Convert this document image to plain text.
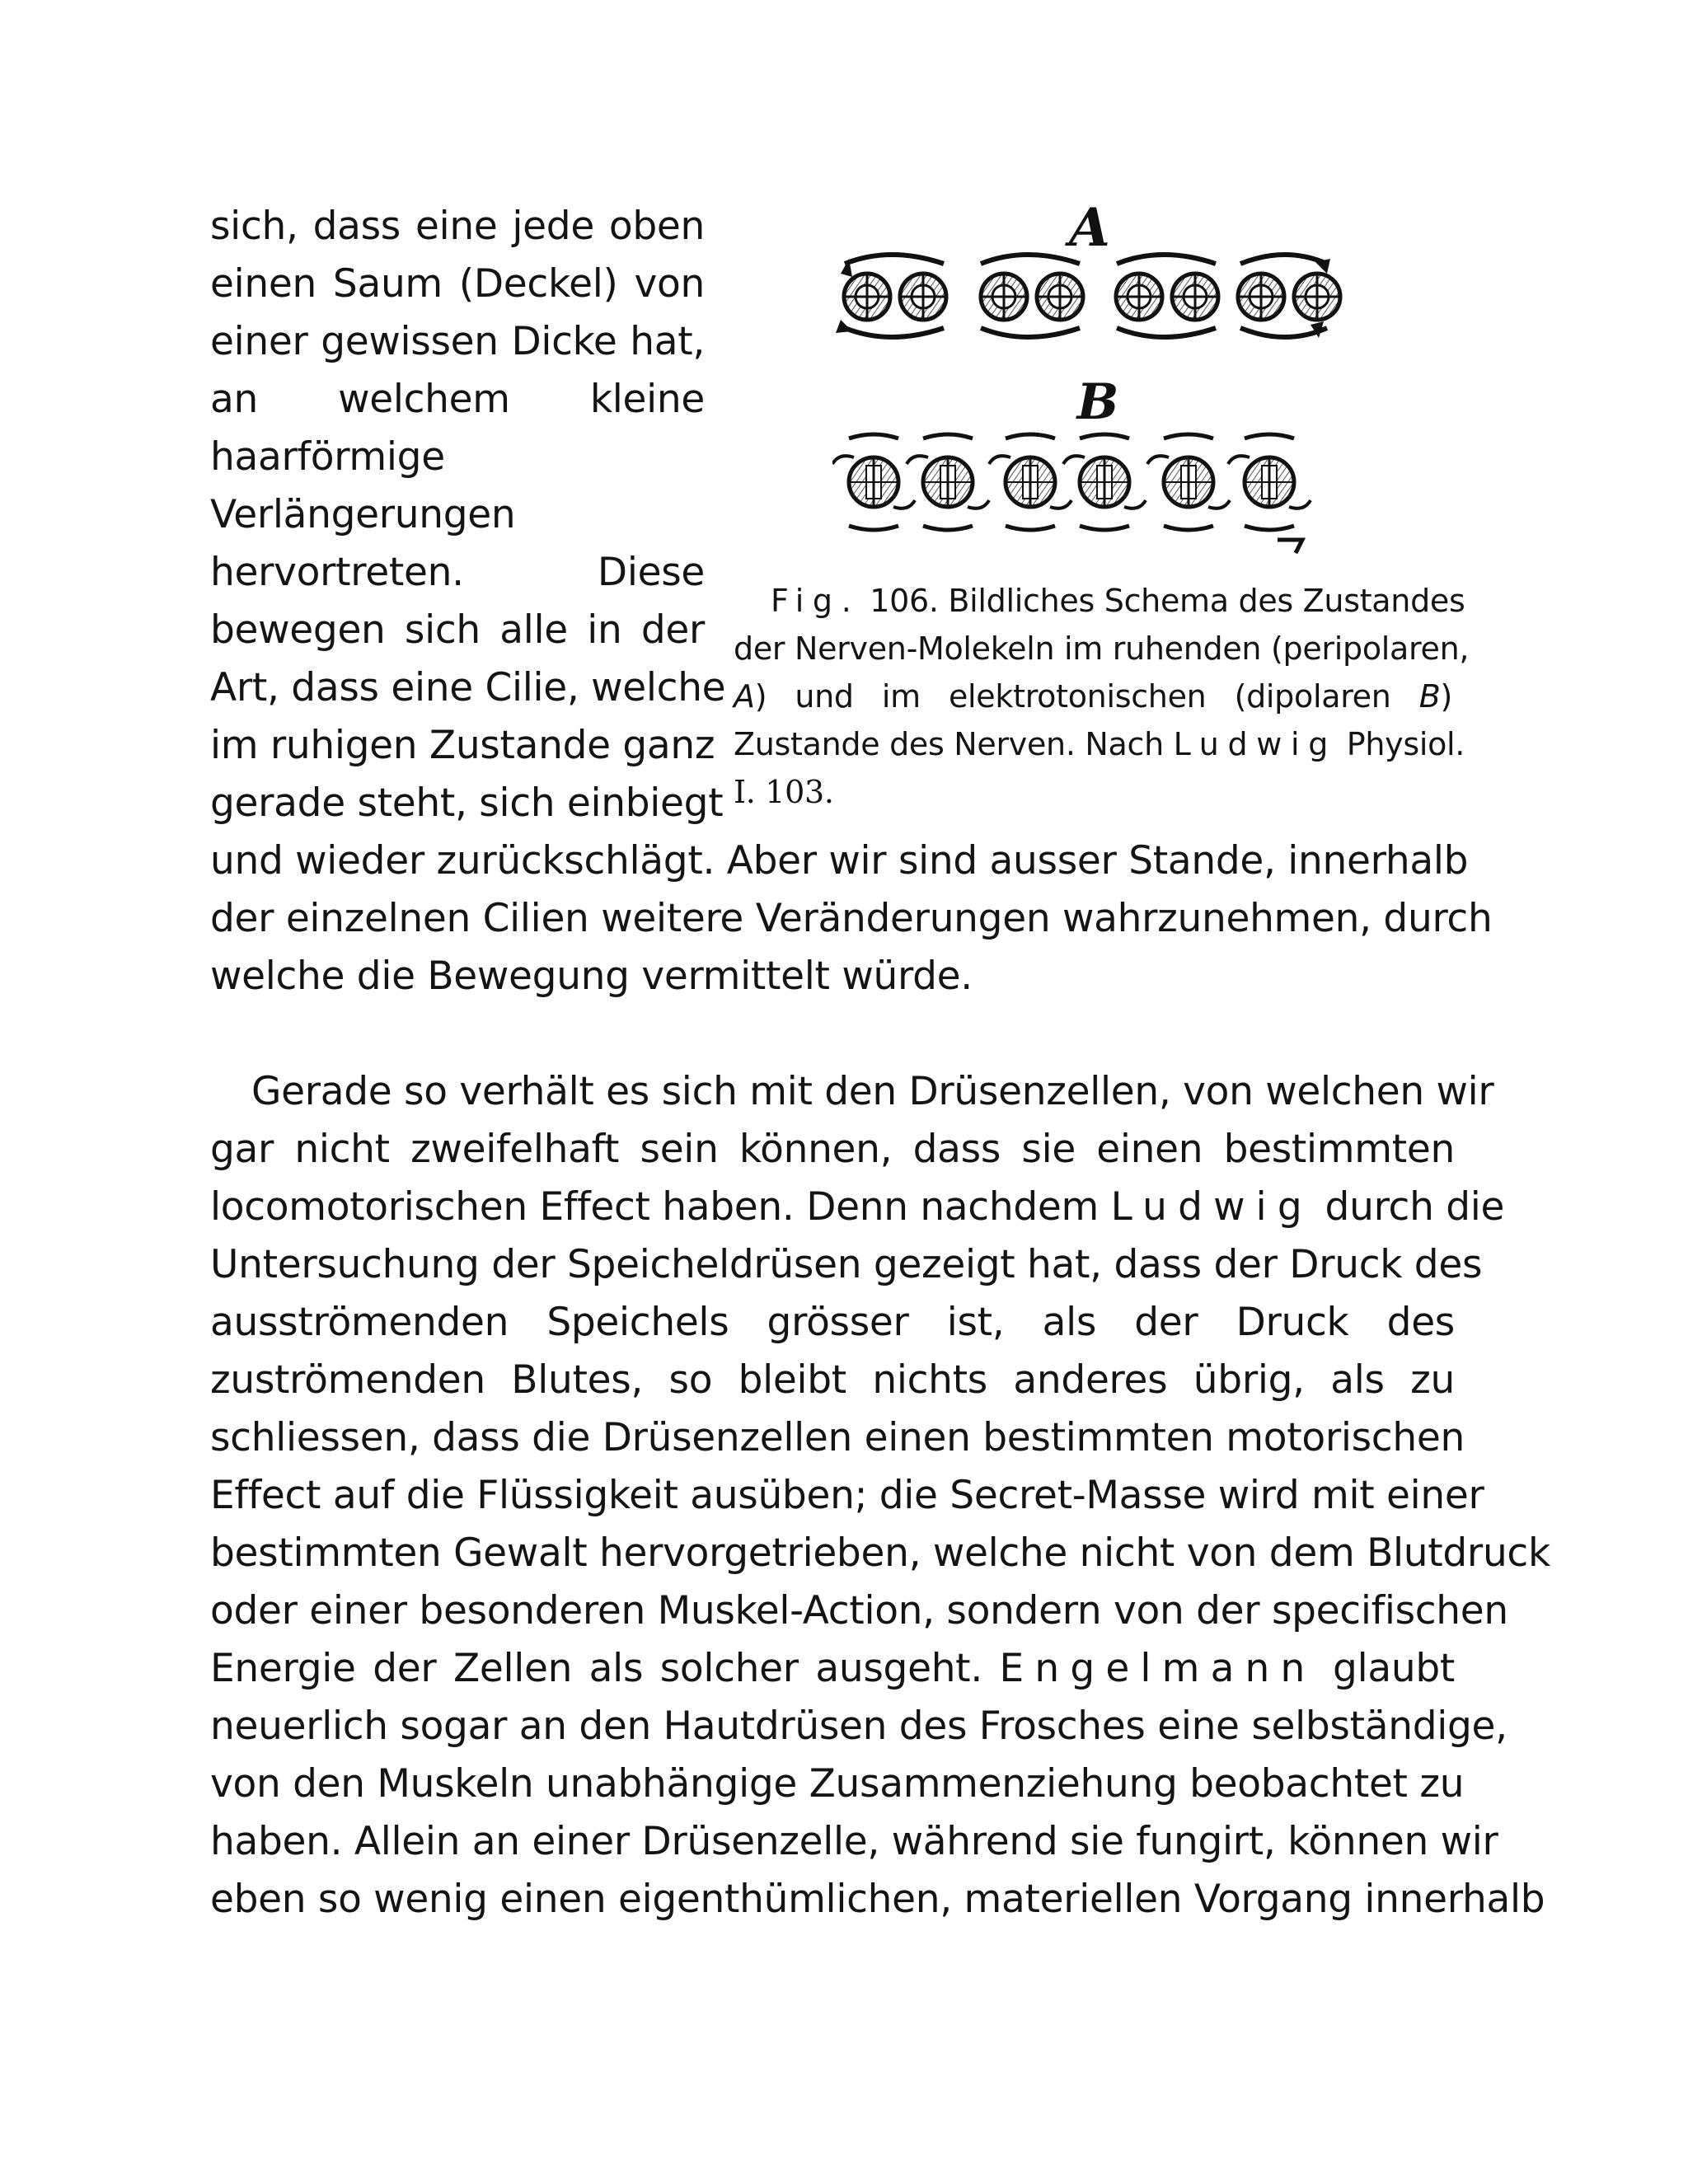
A
B
Fig. 106. Bildliches Schema des Zustandes
der Nerven-Molekeln im ruhenden (peripolaren,
A) und im elektrotonischen (dipolaren B)
Zustande des Nerven. Nach Ludwig Physiol.
I. 103.
sich, dass eine jede oben
einen Saum (Deckel) von
einer gewissen Dicke hat,
an welchem kleine
haarförmige
Verlängerungen
hervortreten. Diese
bewegen sich alle in der
Art, dass eine Cilie, welche
im ruhigen Zustande ganz
gerade steht, sich einbiegt
und wieder zurückschlägt. Aber wir sind ausser Stande, innerhalb
der einzelnen Cilien weitere Veränderungen wahrzunehmen, durch
welche die Bewegung vermittelt würde.
Gerade so verhält es sich mit den Drüsenzellen, von welchen wir
gar nicht zweifelhaft sein können, dass sie einen bestimmten
locomotorischen Effect haben. Denn nachdem Ludwig durch die
Untersuchung der Speicheldrüsen gezeigt hat, dass der Druck des
ausströmenden Speichels grösser ist, als der Druck des
zuströmenden Blutes, so bleibt nichts anderes übrig, als zu
schliessen, dass die Drüsenzellen einen bestimmten motorischen
Effect auf die Flüssigkeit ausüben; die Secret-Masse wird mit einer
bestimmten Gewalt hervorgetrieben, welche nicht von dem Blutdruck
oder einer besonderen Muskel-Action, sondern von der specifischen
Energie der Zellen als solcher ausgeht. Engelmann glaubt
neuerlich sogar an den Hautdrüsen des Frosches eine selbständige,
von den Muskeln unabhängige Zusammenziehung beobachtet zu
haben. Allein an einer Drüsenzelle, während sie fungirt, können wir
eben so wenig einen eigenthümlichen, materiellen Vorgang innerhalb
